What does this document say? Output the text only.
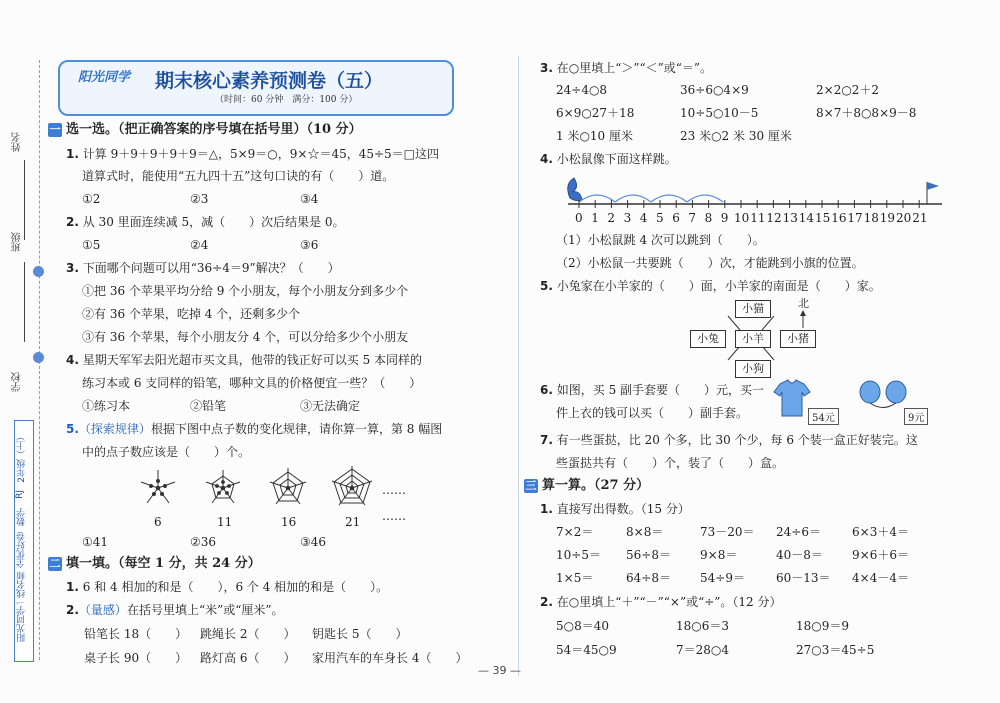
姓名
班级
学校
2年级（上）
RJ
数学
一线名师 全优好卷
阳光同学
阳光同学 期末核心素养预测卷（五）
（时间：60 分钟　满分：100 分）
一 选一选。（把正确答案的序号填在括号里）（10 分）
1. 计算 9＋9＋9＋9＋9＝△，5×9＝○，9×☆＝45，45÷5＝□这四
道算式时，能使用“五九四十五”这句口诀的有（　　）道。
①2	②3	③4
2. 从 30 里面连续减 5，减（　　）次后结果是 0。
①5	②4	③6
3. 下面哪个问题可以用“36÷4＝9”解决？（　　）
①把 36 个苹果平均分给 9 个小朋友，每个小朋友分到多少个
②有 36 个苹果，吃掉 4 个，还剩多少个
③有 36 个苹果，每个小朋友分 4 个，可以分给多少个小朋友
4. 星期天军军去阳光超市买文具，他带的钱正好可以买 5 本同样的
练习本或 6 支同样的铅笔，哪种文具的价格便宜一些？（　　）
①练习本	②铅笔	③无法确定
5.（探索规律）根据下图中点子数的变化规律，请你算一算，第 8 幅图
中的点子数应该是（　　）个。
……
……
6	11	16	21
①41	②36	③46
二 填一填。（每空 1 分，共 24 分）
1. 6 和 4 相加的和是（　　），6 个 4 相加的和是（　　）。
2.（量感）在括号里填上“米”或“厘米”。
铅笔长 18（　　） 跳绳长 2（　　） 钥匙长 5（　　）
桌子长 90（　　） 路灯高 6（　　） 家用汽车的车身长 4（　　）
3. 在○里填上“＞”“＜”或“＝”。
24÷4○8	36÷6○4×9	2×2○2＋2
6×9○27＋18	10÷5○10－5	8×7＋8○8×9－8
1 米○10 厘米	23 米○2 米 30 厘米
4. 小松鼠像下面这样跳。
0 1 2 3 4 5 6 7 8 9 10 11 12 13 14 15 16 17 18 19 20 21
（1）小松鼠跳 4 次可以跳到（　　）。
（2）小松鼠一共要跳（　　）次，才能跳到小旗的位置。
5. 小兔家在小羊家的（　　）面，小羊家的南面是（　　）家。
小猫
小兔	小羊	小猪
小狗
北
6. 如图，买 5 副手套要（　　）元，买一
件上衣的钱可以买（　　）副手套。	54元	9元
7. 有一些蛋挞，比 20 个多，比 30 个少，每 6 个装一盒正好装完。这
些蛋挞共有（　　）个，装了（　　）盒。
三 算一算。（27 分）
1. 直接写出得数。（15 分）
7×2＝	8×8＝	73－20＝ 24÷6＝	6×3＋4＝
10÷5＝ 56÷8＝ 9×8＝	40－8＝ 9×6＋6＝
1×5＝	64÷8＝ 54÷9＝	60－13＝ 4×4－4＝
2. 在○里填上“＋”“－”“×”或“÷”。（12 分）
5○8＝40	18○6＝3	18○9＝9
54＝45○9	7＝28○4	27○3＝45÷5
— 39 —
